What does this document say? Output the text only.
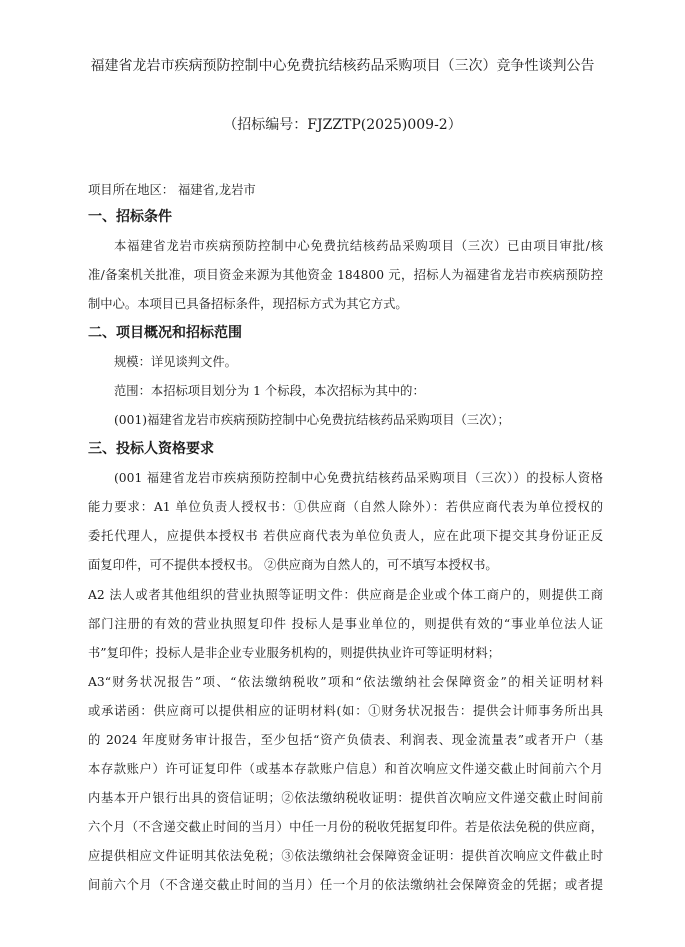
福建省龙岩市疾病预防控制中心免费抗结核药品采购项目（三次）竞争性谈判公告
（招标编号：FJZZTP(2025)009-2）
项目所在地区： 福建省,龙岩市
一、招标条件
本福建省龙岩市疾病预防控制中心免费抗结核药品采购项目（三次）已由项目审批/核
准/备案机关批准，项目资金来源为其他资金 184800 元，招标人为福建省龙岩市疾病预防控
制中心。本项目已具备招标条件，现招标方式为其它方式。
二、项目概况和招标范围
规模：详见谈判文件。
范围：本招标项目划分为 1 个标段，本次招标为其中的：
(001)福建省龙岩市疾病预防控制中心免费抗结核药品采购项目（三次）；
三、投标人资格要求
(001 福建省龙岩市疾病预防控制中心免费抗结核药品采购项目（三次））的投标人资格
能力要求：A1 单位负责人授权书：①供应商（自然人除外）：若供应商代表为单位授权的
委托代理人，应提供本授权书 若供应商代表为单位负责人，应在此项下提交其身份证正反
面复印件，可不提供本授权书。 ②供应商为自然人的，可不填写本授权书。
A2 法人或者其他组织的营业执照等证明文件：供应商是企业或个体工商户的，则提供工商
部门注册的有效的营业执照复印件 投标人是事业单位的，则提供有效的“事业单位法人证
书”复印件；投标人是非企业专业服务机构的，则提供执业许可等证明材料；
A3“财务状况报告”项、“依法缴纳税收”项和“依法缴纳社会保障资金”的相关证明材料
或承诺函：供应商可以提供相应的证明材料(如：①财务状况报告：提供会计师事务所出具
的 2024 年度财务审计报告，至少包括“资产负债表、利润表、现金流量表”或者开户（基
本存款账户）许可证复印件（或基本存款账户信息）和首次响应文件递交截止时间前六个月
内基本开户银行出具的资信证明；②依法缴纳税收证明：提供首次响应文件递交截止时间前
六个月（不含递交截止时间的当月）中任一月份的税收凭据复印件。若是依法免税的供应商，
应提供相应文件证明其依法免税；③依法缴纳社会保障资金证明：提供首次响应文件截止时
间前六个月（不含递交截止时间的当月）任一个月的依法缴纳社会保障资金的凭据；或者提
